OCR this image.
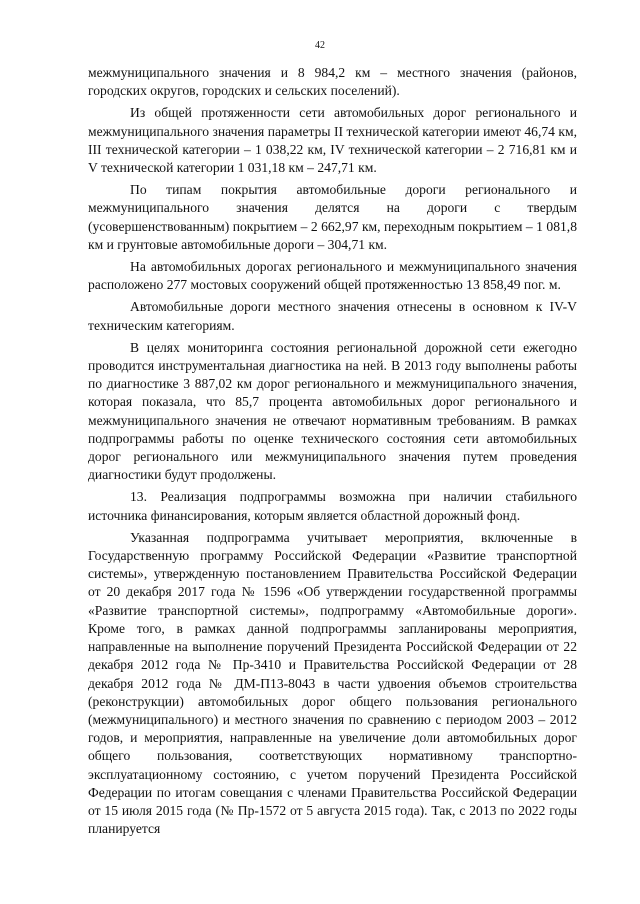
42

межмуниципального значения и 8 984,2 км – местного значения (районов, городских округов, городских и сельских поселений).

Из общей протяженности сети автомобильных дорог регионального и межмуниципального значения параметры II технической категории имеют 46,74 км, III технической категории – 1 038,22 км, IV технической категории – 2 716,81 км и V технической категории 1 031,18 км – 247,71 км.

По типам покрытия автомобильные дороги регионального и межмуниципального значения делятся на дороги с твердым (усовершенствованным) покрытием – 2 662,97 км, переходным покрытием – 1 081,8 км и грунтовые автомобильные дороги – 304,71 км.

На автомобильных дорогах регионального и межмуниципального значения расположено 277 мостовых сооружений общей протяженностью 13 858,49 пог. м.

Автомобильные дороги местного значения отнесены в основном к IV-V техническим категориям.

В целях мониторинга состояния региональной дорожной сети ежегодно проводится инструментальная диагностика на ней. В 2013 году выполнены работы по диагностике 3 887,02 км дорог регионального и межмуниципального значения, которая показала, что 85,7 процента автомобильных дорог регионального и межмуниципального значения не отвечают нормативным требованиям. В рамках подпрограммы работы по оценке технического состояния сети автомобильных дорог регионального или межмуниципального значения путем проведения диагностики будут продолжены.

13. Реализация подпрограммы возможна при наличии стабильного источника финансирования, которым является областной дорожный фонд.

Указанная подпрограмма учитывает мероприятия, включенные в Государственную программу Российской Федерации «Развитие транспортной системы», утвержденную постановлением Правительства Российской Федерации от 20 декабря 2017 года № 1596 «Об утверждении государственной программы «Развитие транспортной системы», подпрограмму «Автомобильные дороги». Кроме того, в рамках данной подпрограммы запланированы мероприятия, направленные на выполнение поручений Президента Российской Федерации от 22 декабря 2012 года № Пр-3410 и Правительства Российской Федерации от 28 декабря 2012 года № ДМ-П13-8043 в части удвоения объемов строительства (реконструкции) автомобильных дорог общего пользования регионального (межмуниципального) и местного значения по сравнению с периодом 2003 – 2012 годов, и мероприятия, направленные на увеличение доли автомобильных дорог общего пользования, соответствующих нормативному транспортно-эксплуатационному состоянию, с учетом поручений Президента Российской Федерации по итогам совещания с членами Правительства Российской Федерации от 15 июля 2015 года (№ Пр-1572 от 5 августа 2015 года). Так, с 2013 по 2022 годы планируется
